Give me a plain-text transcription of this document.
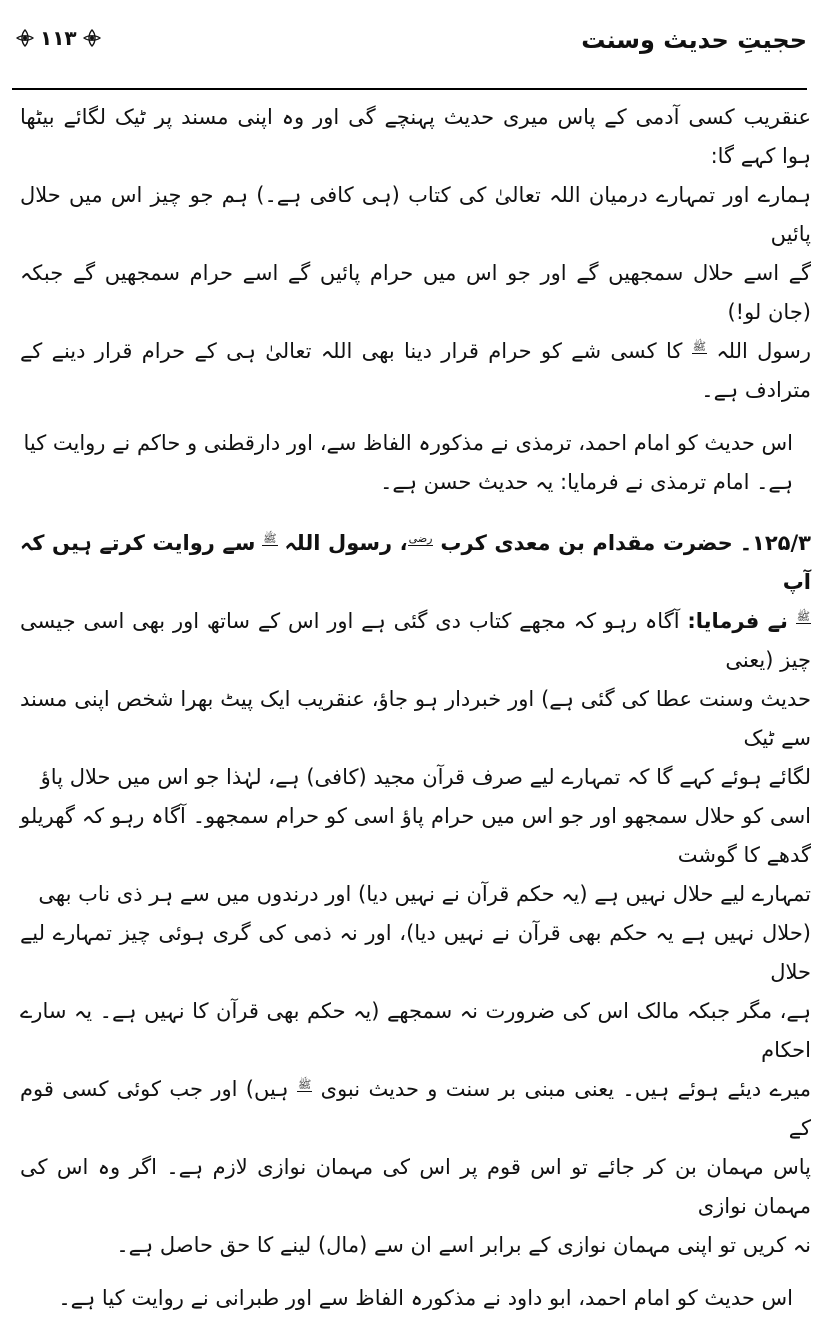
حجیتِ حدیث وسنت
۱۱۳

عنقریب کسی آدمی کے پاس میری حدیث پہنچے گی اور وہ اپنی مسند پر ٹیک لگائے بیٹھا ہوا کہے گا:

ہمارے اور تمہارے درمیان اللہ تعالیٰ کی کتاب (ہی کافی ہے۔) ہم جو چیز اس میں حلال پائیں

گے اسے حلال سمجھیں گے اور جو اس میں حرام پائیں گے اسے حرام سمجھیں گے جبکہ (جان لو!)

رسول اللہ ﷺ کا کسی شے کو حرام قرار دینا بھی اللہ تعالیٰ ہی کے حرام قرار دینے کے مترادف ہے۔

اس حدیث کو امام احمد، ترمذی نے مذکورہ الفاظ سے، اور دارقطنی و حاکم نے روایت کیا

ہے۔ امام ترمذی نے فرمایا: یہ حدیث حسن ہے۔

۱۲۵/۳۔ حضرت مقدام بن معدی کرب رضی، رسول اللہ ﷺ سے روایت کرتے ہیں کہ آپ

ﷺ نے فرمایا: آگاہ رہو کہ مجھے کتاب دی گئی ہے اور اس کے ساتھ اور بھی اسی جیسی چیز (یعنی

حدیث وسنت عطا کی گئی ہے) اور خبردار ہو جاؤ، عنقریب ایک پیٹ بھرا شخص اپنی مسند سے ٹیک

لگائے ہوئے کہے گا کہ تمہارے لیے صرف قرآن مجید (کافی) ہے، لہٰذا جو اس میں حلال پاؤ

اسی کو حلال سمجھو اور جو اس میں حرام پاؤ اسی کو حرام سمجھو۔ آگاہ رہو کہ گھریلو گدھے کا گوشت

تمہارے لیے حلال نہیں ہے (یہ حکم قرآن نے نہیں دیا) اور درندوں میں سے ہر ذی ناب بھی

(حلال نہیں ہے یہ حکم بھی قرآن نے نہیں دیا)، اور نہ ذمی کی گری ہوئی چیز تمہارے لیے حلال

ہے، مگر جبکہ مالک اس کی ضرورت نہ سمجھے (یہ حکم بھی قرآن کا نہیں ہے۔ یہ سارے احکام

میرے دیئے ہوئے ہیں۔ یعنی مبنی بر سنت و حدیث نبوی ﷺ ہیں) اور جب کوئی کسی قوم کے

پاس مہمان بن کر جائے تو اس قوم پر اس کی مہمان نوازی لازم ہے۔ اگر وہ اس کی مہمان نوازی

نہ کریں تو اپنی مہمان نوازی کے برابر اسے ان سے (مال) لینے کا حق حاصل ہے۔

اس حدیث کو امام احمد، ابو داود نے مذکورہ الفاظ سے اور طبرانی نے روایت کیا ہے۔
